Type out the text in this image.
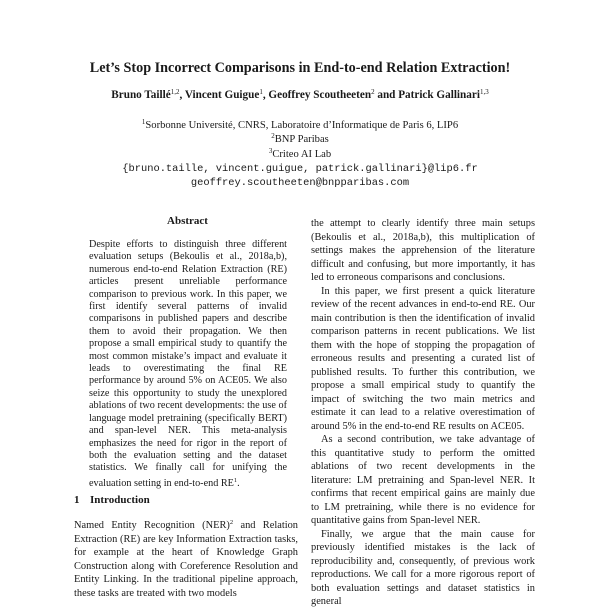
Let’s Stop Incorrect Comparisons in End-to-end Relation Extraction!
Bruno Taillé$^{1,2}$, Vincent Guigue$^1$, Geoffrey Scoutheeten$^2$ and Patrick Gallinari$^{1,3}$
$^1$Sorbonne Université, CNRS, Laboratoire d’Informatique de Paris 6, LIP6
$^2$BNP Paribas
$^3$Criteo AI Lab
{bruno.taille, vincent.guigue, patrick.gallinari}@lip6.fr
geoffrey.scoutheeten@bnpparibas.com
Abstract
Despite efforts to distinguish three different evaluation setups (Bekoulis et al., 2018a,b), numerous end-to-end Relation Extraction (RE) articles present unreliable performance comparison to previous work. In this paper, we first identify several patterns of invalid comparisons in published papers and describe them to avoid their propagation. We then propose a small empirical study to quantify the most common mistake’s impact and evaluate it leads to overestimating the final RE performance by around 5% on ACE05. We also seize this opportunity to study the unexplored ablations of two recent developments: the use of language model pretraining (specifically BERT) and span-level NER. This meta-analysis emphasizes the need for rigor in the report of both the evaluation setting and the dataset statistics. We finally call for unifying the evaluation setting in end-to-end $RE^1$.
1 Introduction
Named Entity Recognition (NER)$^2$ and Relation Extraction (RE) are key Information Extraction tasks, for example at the heart of Knowledge Graph Construction along with Coreference Resolution and Entity Linking. In the traditional pipeline approach, these tasks are treated with two models

the attempt to clearly identify three main setups (Bekoulis et al., 2018a,b), this multiplication of settings makes the apprehension of the literature difficult and confusing, but more importantly, it has led to erroneous comparisons and conclusions.

In this paper, we first present a quick literature review of the recent advances in end-to-end RE. Our main contribution is then the identification of invalid comparison patterns in recent publications. We list them with the hope of stopping the propagation of erroneous results and presenting a curated list of published results. To further this contribution, we propose a small empirical study to quantify the impact of switching the two main metrics and estimate it can lead to a relative overestimation of around 5% in the end-to-end RE results on ACE05.

As a second contribution, we take advantage of this quantitative study to perform the omitted ablations of two recent developments in the literature: LM pretraining and Span-level NER. It confirms that recent empirical gains are mainly due to LM pretraining, while there is no evidence for quantitative gains from Span-level NER.

Finally, we argue that the main cause for previously identified mistakes is the lack of reproducibility and, consequently, of previous work reproductions. We call for a more rigorous report of both evaluation settings and dataset statistics in general
